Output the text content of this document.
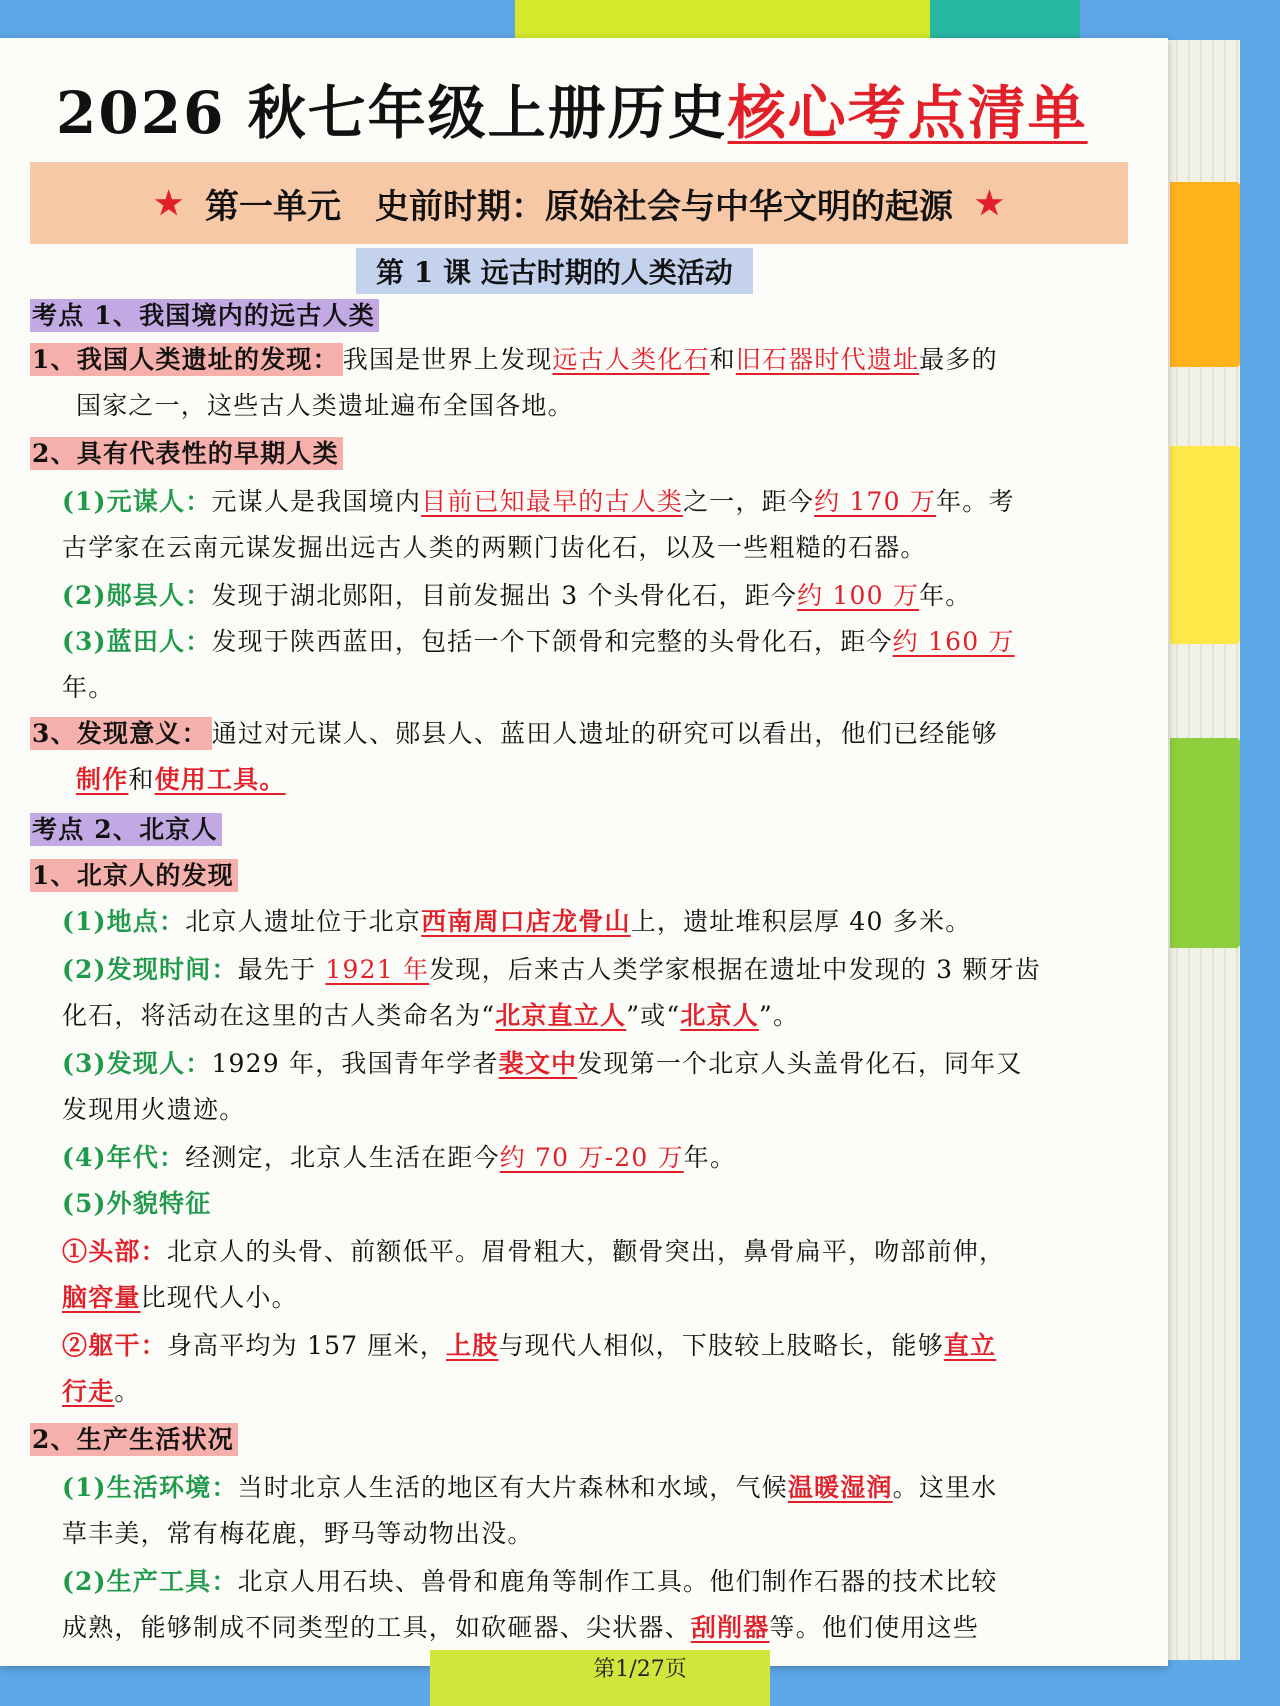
2026 秋七年级上册历史核心考点清单
★ 第一单元　史前时期：原始社会与中华文明的起源 ★
第 1 课 远古时期的人类活动
考点 1、我国境内的远古人类
1、我国人类遗址的发现： 我国是世界上发现远古人类化石和旧石器时代遗址最多的
国家之一，这些古人类遗址遍布全国各地。
2、具有代表性的早期人类
(1)元谋人：元谋人是我国境内目前已知最早的古人类之一，距今约 170 万年。考
古学家在云南元谋发掘出远古人类的两颗门齿化石，以及一些粗糙的石器。
(2)郧县人：发现于湖北郧阳，目前发掘出 3 个头骨化石，距今约 100 万年。
(3)蓝田人：发现于陕西蓝田，包括一个下颌骨和完整的头骨化石，距今约 160 万
年。
3、发现意义： 通过对元谋人、郧县人、蓝田人遗址的研究可以看出，他们已经能够
制作和使用工具。
考点 2、北京人
1、北京人的发现
(1)地点：北京人遗址位于北京西南周口店龙骨山上，遗址堆积层厚 40 多米。
(2)发现时间：最先于 1921 年发现，后来古人类学家根据在遗址中发现的 3 颗牙齿
化石，将活动在这里的古人类命名为“北京直立人”或“北京人”。
(3)发现人：1929 年，我国青年学者裴文中发现第一个北京人头盖骨化石，同年又
发现用火遗迹。
(4)年代：经测定，北京人生活在距今约 70 万-20 万年。
(5)外貌特征
①头部：北京人的头骨、前额低平。眉骨粗大，颧骨突出，鼻骨扁平，吻部前伸，
脑容量比现代人小。
②躯干：身高平均为 157 厘米，上肢与现代人相似，下肢较上肢略长，能够直立
行走。
2、生产生活状况
(1)生活环境：当时北京人生活的地区有大片森林和水域，气候温暖湿润。这里水
草丰美，常有梅花鹿，野马等动物出没。
(2)生产工具：北京人用石块、兽骨和鹿角等制作工具。他们制作石器的技术比较
成熟，能够制成不同类型的工具，如砍砸器、尖状器、刮削器等。他们使用这些
第1/27页
